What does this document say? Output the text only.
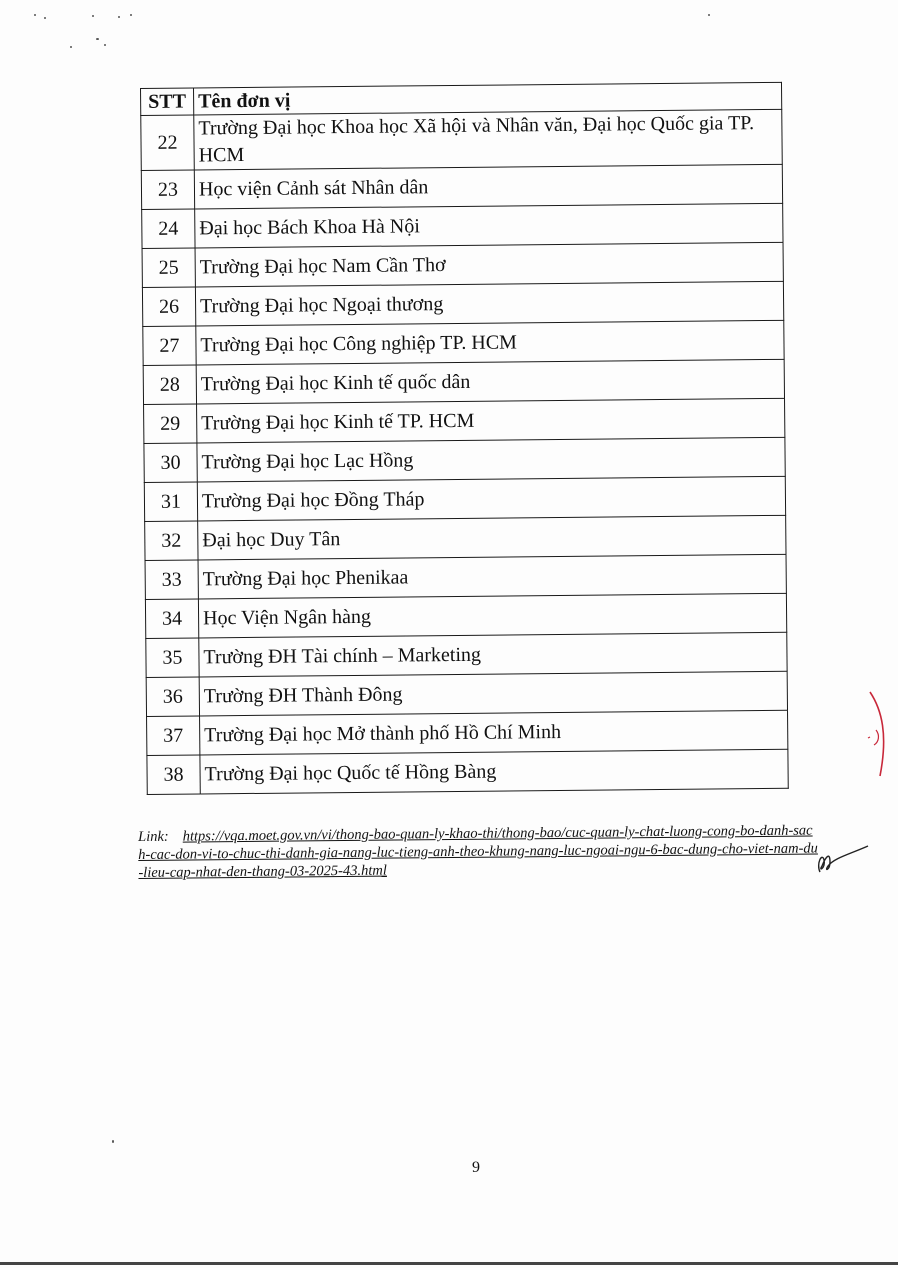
STT	Tên đơn vị
22	Trường Đại học Khoa học Xã hội và Nhân văn, Đại học Quốc gia TP. HCM
23	Học viện Cảnh sát Nhân dân
24	Đại học Bách Khoa Hà Nội
25	Trường Đại học Nam Cần Thơ
26	Trường Đại học Ngoại thương
27	Trường Đại học Công nghiệp TP. HCM
28	Trường Đại học Kinh tế quốc dân
29	Trường Đại học Kinh tế TP. HCM
30	Trường Đại học Lạc Hồng
31	Trường Đại học Đồng Tháp
32	Đại học Duy Tân
33	Trường Đại học Phenikaa
34	Học Viện Ngân hàng
35	Trường ĐH Tài chính – Marketing
36	Trường ĐH Thành Đông
37	Trường Đại học Mở thành phố Hồ Chí Minh
38	Trường Đại học Quốc tế Hồng Bàng
Link: https://vqa.moet.gov.vn/vi/thong-bao-quan-ly-khao-thi/thong-bao/cuc-quan-ly-chat-luong-cong-bo-danh-sach-cac-don-vi-to-chuc-thi-danh-gia-nang-luc-tieng-anh-theo-khung-nang-luc-ngoai-ngu-6-bac-dung-cho-viet-nam-du-lieu-cap-nhat-den-thang-03-2025-43.html
9
